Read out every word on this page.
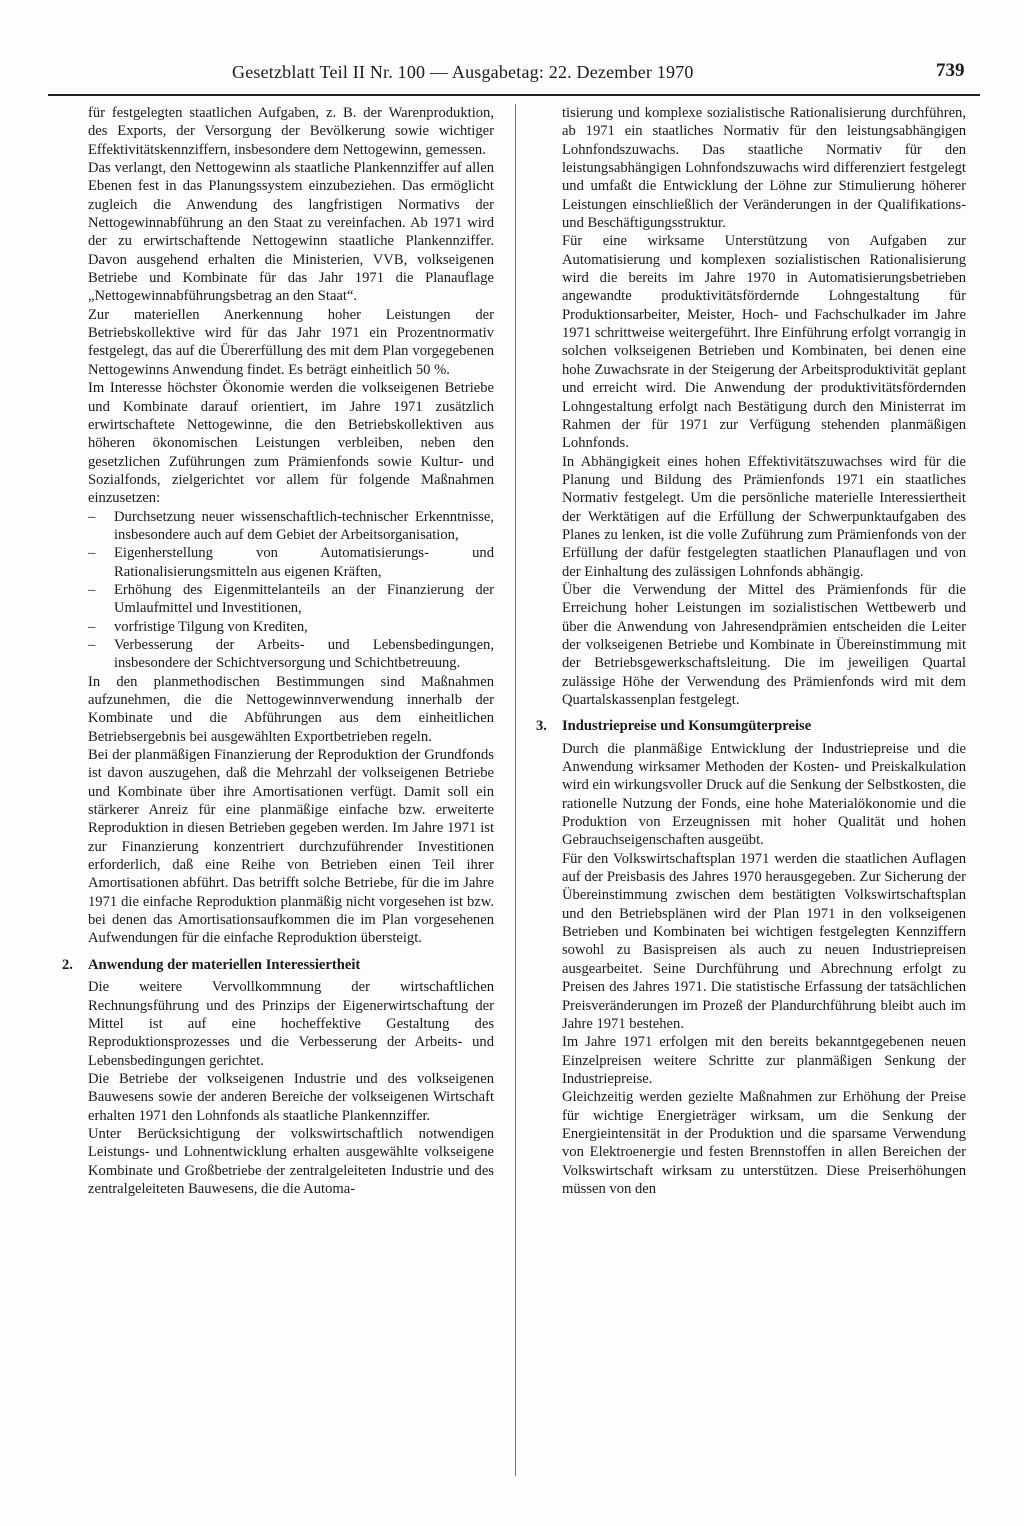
Gesetzblatt Teil II Nr. 100 — Ausgabetag: 22. Dezember 1970	739

für festgelegten staatlichen Aufgaben, z. B. der Warenproduktion, des Exports, der Versorgung der Bevölkerung sowie wichtiger Effektivitätskennziffern, insbesondere dem Nettogewinn, gemessen.

Das verlangt, den Nettogewinn als staatliche Plankennziffer auf allen Ebenen fest in das Planungssystem einzubeziehen. Das ermöglicht zugleich die Anwendung des langfristigen Normativs der Nettogewinnabführung an den Staat zu vereinfachen. Ab 1971 wird der zu erwirtschaftende Nettogewinn staatliche Plankennziffer. Davon ausgehend erhalten die Ministerien, VVB, volkseigenen Betriebe und Kombinate für das Jahr 1971 die Planauflage „Nettogewinnabführungsbetrag an den Staat“.

Zur materiellen Anerkennung hoher Leistungen der Betriebskollektive wird für das Jahr 1971 ein Prozentnormativ festgelegt, das auf die Übererfüllung des mit dem Plan vorgegebenen Nettogewinns Anwendung findet. Es beträgt einheitlich 50 %.

Im Interesse höchster Ökonomie werden die volkseigenen Betriebe und Kombinate darauf orientiert, im Jahre 1971 zusätzlich erwirtschaftete Nettogewinne, die den Betriebskollektiven aus höheren ökonomischen Leistungen verbleiben, neben den gesetzlichen Zuführungen zum Prämienfonds sowie Kultur- und Sozialfonds, zielgerichtet vor allem für folgende Maßnahmen einzusetzen:

– Durchsetzung neuer wissenschaftlich-technischer Erkenntnisse, insbesondere auch auf dem Gebiet der Arbeitsorganisation,
– Eigenherstellung von Automatisierungs- und Rationalisierungsmitteln aus eigenen Kräften,
– Erhöhung des Eigenmittelanteils an der Finanzierung der Umlaufmittel und Investitionen,
– vorfristige Tilgung von Krediten,
– Verbesserung der Arbeits- und Lebensbedingungen, insbesondere der Schichtversorgung und Schichtbetreuung.

In den planmethodischen Bestimmungen sind Maßnahmen aufzunehmen, die die Nettogewinnverwendung innerhalb der Kombinate und die Abführungen aus dem einheitlichen Betriebsergebnis bei ausgewählten Exportbetrieben regeln.

Bei der planmäßigen Finanzierung der Reproduktion der Grundfonds ist davon auszugehen, daß die Mehrzahl der volkseigenen Betriebe und Kombinate über ihre Amortisationen verfügt. Damit soll ein stärkerer Anreiz für eine planmäßige einfache bzw. erweiterte Reproduktion in diesen Betrieben gegeben werden. Im Jahre 1971 ist zur Finanzierung konzentriert durchzuführender Investitionen erforderlich, daß eine Reihe von Betrieben einen Teil ihrer Amortisationen abführt. Das betrifft solche Betriebe, für die im Jahre 1971 die einfache Reproduktion planmäßig nicht vorgesehen ist bzw. bei denen das Amortisationsaufkommen die im Plan vorgesehenen Aufwendungen für die einfache Reproduktion übersteigt.

2. Anwendung der materiellen Interessiertheit

Die weitere Vervollkommnung der wirtschaftlichen Rechnungsführung und des Prinzips der Eigenerwirtschaftung der Mittel ist auf eine hocheffektive Gestaltung des Reproduktionsprozesses und die Verbesserung der Arbeits- und Lebensbedingungen gerichtet.

Die Betriebe der volkseigenen Industrie und des volkseigenen Bauwesens sowie der anderen Bereiche der volkseigenen Wirtschaft erhalten 1971 den Lohnfonds als staatliche Plankennziffer.

Unter Berücksichtigung der volkswirtschaftlich notwendigen Leistungs- und Lohnentwicklung erhalten ausgewählte volkseigene Kombinate und Großbetriebe der zentralgeleiteten Industrie und des zentralgeleiteten Bauwesens, die die Automa-

tisierung und komplexe sozialistische Rationalisierung durchführen, ab 1971 ein staatliches Normativ für den leistungsabhängigen Lohnfondszuwachs. Das staatliche Normativ für den leistungsabhängigen Lohnfondszuwachs wird differenziert festgelegt und umfaßt die Entwicklung der Löhne zur Stimulierung höherer Leistungen einschließlich der Veränderungen in der Qualifikations- und Beschäftigungsstruktur.

Für eine wirksame Unterstützung von Aufgaben zur Automatisierung und komplexen sozialistischen Rationalisierung wird die bereits im Jahre 1970 in Automatisierungsbetrieben angewandte produktivitätsfördernde Lohngestaltung für Produktionsarbeiter, Meister, Hoch- und Fachschulkader im Jahre 1971 schrittweise weitergeführt. Ihre Einführung erfolgt vorrangig in solchen volkseigenen Betrieben und Kombinaten, bei denen eine hohe Zuwachsrate in der Steigerung der Arbeitsproduktivität geplant und erreicht wird. Die Anwendung der produktivitätsfördernden Lohngestaltung erfolgt nach Bestätigung durch den Ministerrat im Rahmen der für 1971 zur Verfügung stehenden planmäßigen Lohnfonds.

In Abhängigkeit eines hohen Effektivitätszuwachses wird für die Planung und Bildung des Prämienfonds 1971 ein staatliches Normativ festgelegt. Um die persönliche materielle Interessiertheit der Werktätigen auf die Erfüllung der Schwerpunktaufgaben des Planes zu lenken, ist die volle Zuführung zum Prämienfonds von der Erfüllung der dafür festgelegten staatlichen Planauflagen und von der Einhaltung des zulässigen Lohnfonds abhängig.

Über die Verwendung der Mittel des Prämienfonds für die Erreichung hoher Leistungen im sozialistischen Wettbewerb und über die Anwendung von Jahresendprämien entscheiden die Leiter der volkseigenen Betriebe und Kombinate in Übereinstimmung mit der Betriebsgewerkschaftsleitung. Die im jeweiligen Quartal zulässige Höhe der Verwendung des Prämienfonds wird mit dem Quartalskassenplan festgelegt.

3. Industriepreise und Konsumgüterpreise

Durch die planmäßige Entwicklung der Industriepreise und die Anwendung wirksamer Methoden der Kosten- und Preiskalkulation wird ein wirkungsvoller Druck auf die Senkung der Selbstkosten, die rationelle Nutzung der Fonds, eine hohe Materialökonomie und die Produktion von Erzeugnissen mit hoher Qualität und hohen Gebrauchseigenschaften ausgeübt.

Für den Volkswirtschaftsplan 1971 werden die staatlichen Auflagen auf der Preisbasis des Jahres 1970 herausgegeben. Zur Sicherung der Übereinstimmung zwischen dem bestätigten Volkswirtschaftsplan und den Betriebsplänen wird der Plan 1971 in den volkseigenen Betrieben und Kombinaten bei wichtigen festgelegten Kennziffern sowohl zu Basispreisen als auch zu neuen Industriepreisen ausgearbeitet. Seine Durchführung und Abrechnung erfolgt zu Preisen des Jahres 1971. Die statistische Erfassung der tatsächlichen Preisveränderungen im Prozeß der Plandurchführung bleibt auch im Jahre 1971 bestehen.

Im Jahre 1971 erfolgen mit den bereits bekanntgegebenen neuen Einzelpreisen weitere Schritte zur planmäßigen Senkung der Industriepreise.

Gleichzeitig werden gezielte Maßnahmen zur Erhöhung der Preise für wichtige Energieträger wirksam, um die Senkung der Energieintensität in der Produktion und die sparsame Verwendung von Elektroenergie und festen Brennstoffen in allen Bereichen der Volkswirtschaft wirksam zu unterstützen. Diese Preiserhöhungen müssen von den
